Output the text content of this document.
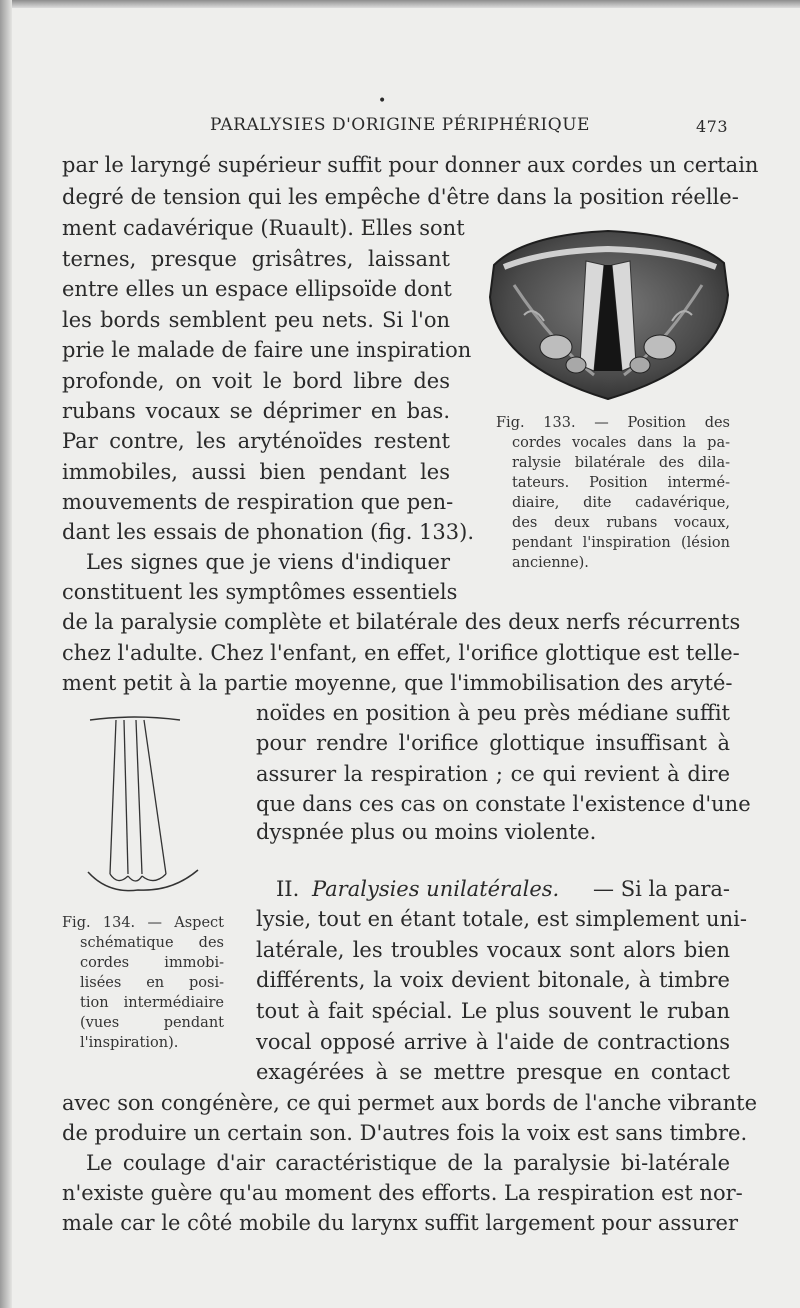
•
PARALYSIES D'ORIGINE PÉRIPHÉRIQUE	473
par le laryngé supérieur suffit pour donner aux cordes un certain
degré de tension qui les empêche d'être dans la position réelle-
ment cadavérique (Ruault). Elles sont
ternes, presque grisâtres, laissant
entre elles un espace ellipsoïde dont
les bords semblent peu nets. Si l'on
prie le malade de faire une inspiration
profonde, on voit le bord libre des
rubans vocaux se déprimer en bas.
Par contre, les aryténoïdes restent
immobiles, aussi bien pendant les
mouvements de respiration que pen-
dant les essais de phonation (fig. 133).
Les signes que je viens d'indiquer
constituent les symptômes essentiels
de la paralysie complète et bilatérale des deux nerfs récurrents
chez l'adulte. Chez l'enfant, en effet, l'orifice glottique est telle-
ment petit à la partie moyenne, que l'immobilisation des aryté-
noïdes en position à peu près médiane suffit
pour rendre l'orifice glottique insuffisant à
assurer la respiration ; ce qui revient à dire
que dans ces cas on constate l'existence d'une
dyspnée plus ou moins violente.
II. Paralysies unilatérales. — Si la para-
lysie, tout en étant totale, est simplement uni-
latérale, les troubles vocaux sont alors bien
différents, la voix devient bitonale, à timbre
tout à fait spécial. Le plus souvent le ruban
vocal opposé arrive à l'aide de contractions
exagérées à se mettre presque en contact
avec son congénère, ce qui permet aux bords de l'anche vibrante
de produire un certain son. D'autres fois la voix est sans timbre.
Le coulage d'air caractéristique de la paralysie bi-latérale
n'existe guère qu'au moment des efforts. La respiration est nor-
male car le côté mobile du larynx suffit largement pour assurer
Fig. 133. — Position des
cordes vocales dans la pa-
ralysie bilatérale des dila-
tateurs. Position intermé-
diaire, dite cadavérique,
des deux rubans vocaux,
pendant l'inspiration (lésion
ancienne).
Fig. 134. — Aspect
schématique des
cordes immobi-
lisées en posi-
tion intermédiaire
(vues pendant
l'inspiration).
